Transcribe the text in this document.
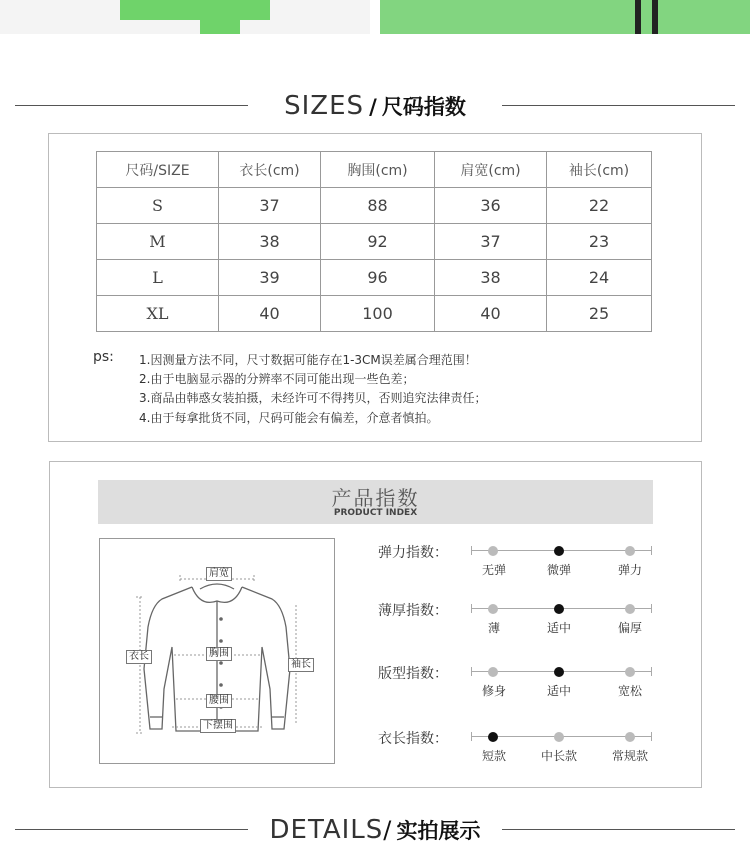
SIZES / 尺码指数
尺码/SIZE	衣长(cm)	胸围(cm)	肩宽(cm)	袖长(cm)
S	37	88	36	22
M	38	92	37	23
L	39	96	38	24
XL	40	100	40	25
ps: 1.因测量方法不同，尺寸数据可能存在1-3CM误差属合理范围！
2.由于电脑显示器的分辨率不同可能出现一些色差；
3.商品由韩惑女装拍摄，未经许可不得拷贝，否则追究法律责任；
4.由于每拿批货不同，尺码可能会有偏差，介意者慎拍。
产品指数
PRODUCT INDEX
肩宽
衣长	胸围
袖长
腰围
下摆围
弹力指数：
无弹	微弹	弹力
薄厚指数：
薄	适中	偏厚
版型指数：
修身	适中	宽松
衣长指数：
短款	中长款	常规款
DETAILS/ 实拍展示
